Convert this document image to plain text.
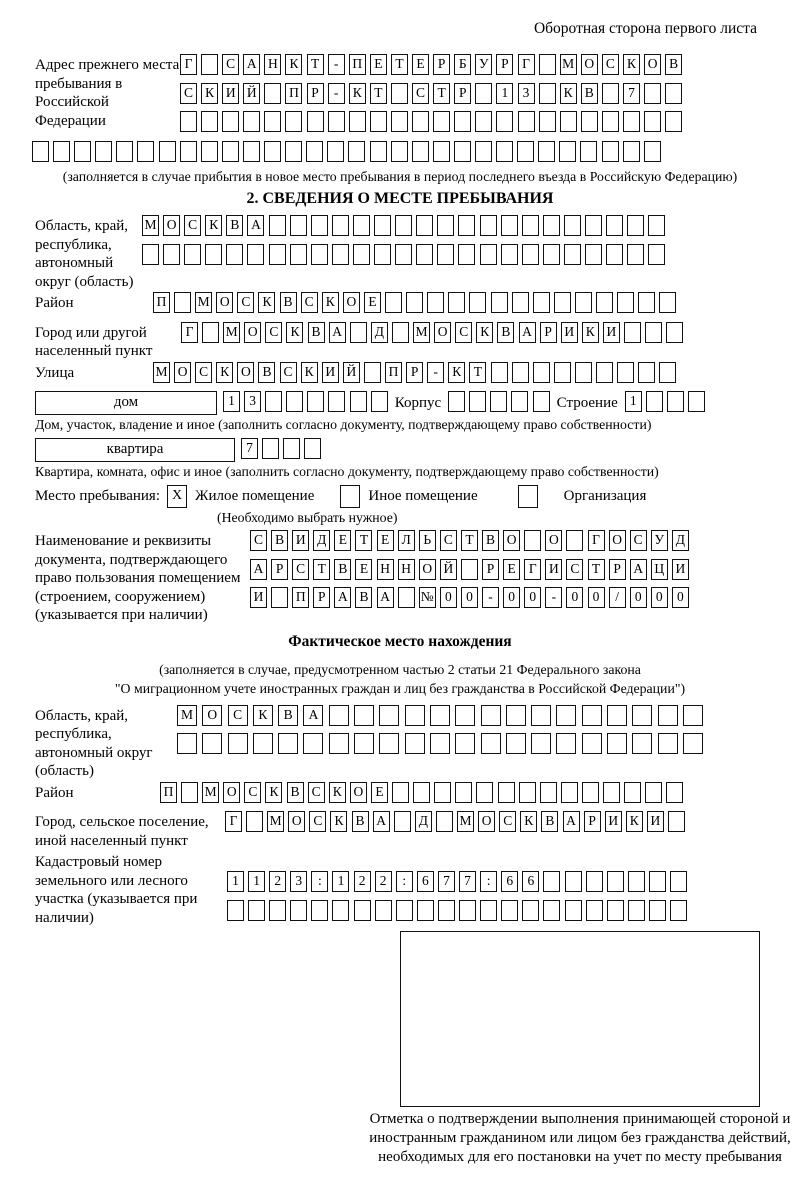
Оборотная сторона первого листа
Адрес прежнего места пребывания в Российской Федерации
Г	С А Н К Т - П Е Т Е Р Б У Р Г М О С К О В
С К И Й П Р - К Т С Т Р	1 3	К В	7
(заполняется в случае прибытия в новое место пребывания в период последнего въезда в Российскую Федерацию)
2. СВЕДЕНИЯ О МЕСТЕ ПРЕБЫВАНИЯ
Область, край, республика, автономный округ (область)
М О С К В А
Район	П М О С К В С К О Е
Город или другой населенный пункт
Г М О С К В А Д М О С К В А Р И К И
Улица	М О С К О В С К И Й П Р - К Т
дом	1 3	Корпус	Строение 1
Дом, участок, владение и иное (заполнить согласно документу, подтверждающему право собственности)
квартира	7
Квартира, комната, офис и иное (заполнить согласно документу, подтверждающему право собственности)
Место пребывания: X Жилое помещение	Иное помещение	Организация
(Необходимо выбрать нужное)
Наименование и реквизиты документа, подтверждающего право пользования помещением (строением, сооружением) (указывается при наличии)
С В И Д Е Т Е Л Ь С Т В О О Г О С У Д
А Р С Т В Е Н Н О Й Р Е Г И С Т Р А Ц И
И П Р А В А № 0 0 - 0 0 - 0 0 / 0 0 0
Фактическое место нахождения
(заполняется в случае, предусмотренном частью 2 статьи 21 Федерального закона
"О миграционном учете иностранных граждан и лиц без гражданства в Российской Федерации")
Область, край, республика, автономный округ (область)
М О С К В А
Район	П М О С К В С К О Е
Город, сельское поселение, иной населенный пункт
Г М О С К В А Д М О С К В А Р И К И
Кадастровый номер земельного или лесного участка (указывается при наличии)
1 1 2 3 : 1 2 2 : 6 7 7 : 6 6
Отметка о подтверждении выполнения принимающей стороной и иностранным гражданином или лицом без гражданства действий, необходимых для его постановки на учет по месту пребывания
